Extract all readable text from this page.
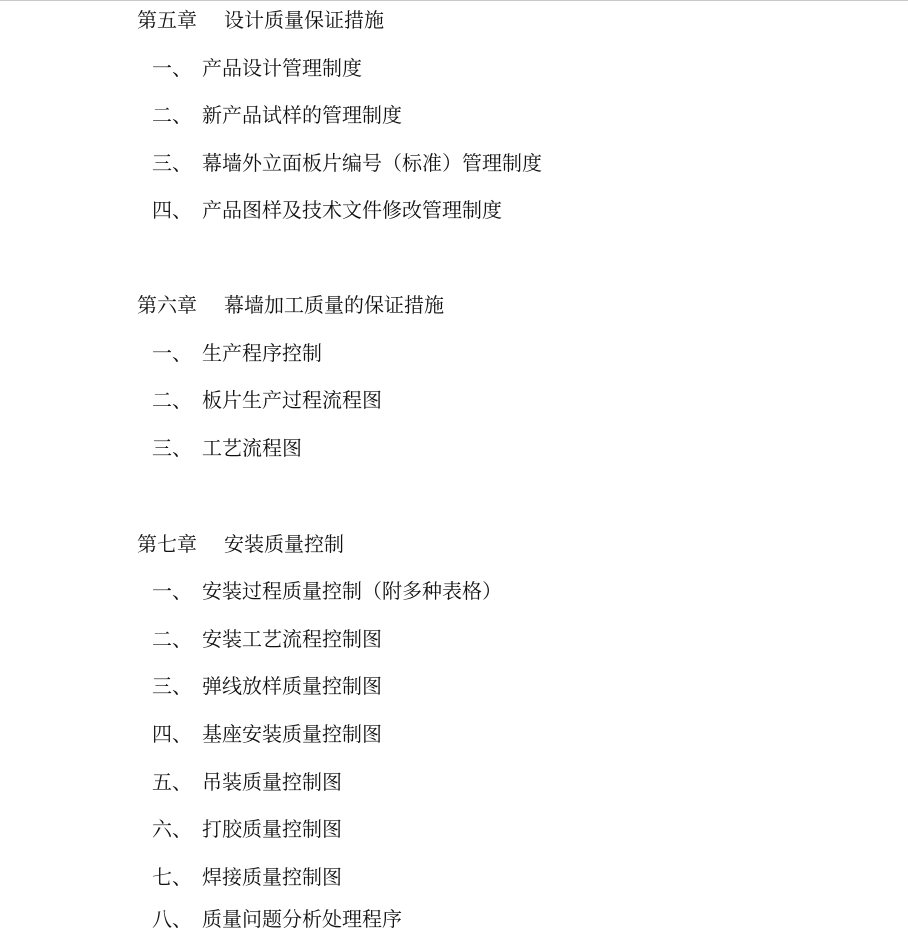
第五章 设计质量保证措施
一、 产品设计管理制度
二、 新产品试样的管理制度
三、 幕墙外立面板片编号（标准）管理制度
四、 产品图样及技术文件修改管理制度
第六章 幕墙加工质量的保证措施
一、 生产程序控制
二、 板片生产过程流程图
三、 工艺流程图
第七章 安装质量控制
一、 安装过程质量控制（附多种表格）
二、 安装工艺流程控制图
三、 弹线放样质量控制图
四、 基座安装质量控制图
五、 吊装质量控制图
六、 打胶质量控制图
七、 焊接质量控制图
八、 质量问题分析处理程序
